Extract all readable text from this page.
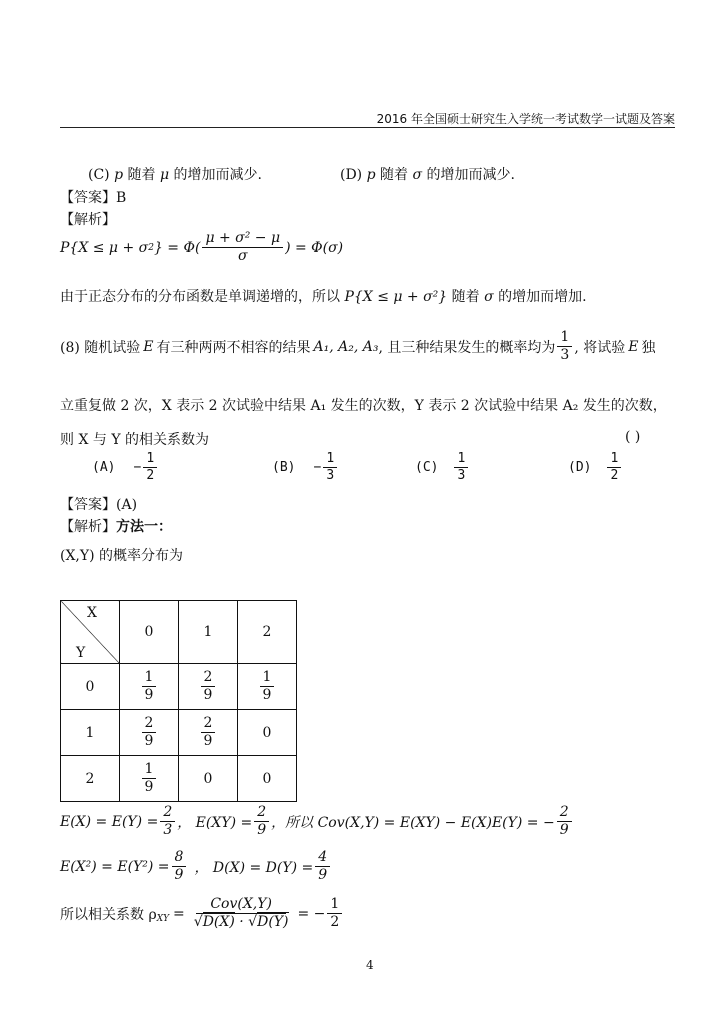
2016 年全国硕士研究生入学统一考试数学一试题及答案
(C) p 随着 μ 的增加而减少.	(D) p 随着 σ 的增加而减少.
【答案】B
【解析】
P{X ≤ μ + σ 2 } = $\Phi( \frac{\text{μ + σ² − μ}}{\sigma}$ ) = Φ(σ)
由于正态分布的分布函数是单调递增的，所以 P{X ≤ μ + σ²} 随着 σ 的增加而增加.
(8) 随机试验 E 有三种两两不相容的结果 A₁, A₂, A₃ , 且三种结果发生的概率均为 $\frac{1}{3}$ , 将试验 E 独
立重复做 2 次，X 表示 2 次试验中结果 A₁ 发生的次数，Y 表示 2 次试验中结果 A₂ 发生的次数，
则 X 与 Y 的相关系数为	( )
$(A) - \frac{1}{2}$	$(B) - \frac{1}{3}$	$(C) \frac{1}{3}$	$(D) \frac{1}{2}$
【答案】(A)
【解析】方法一：
(X,Y) 的概率分布为
X
Y	0	1	2
0	$\frac{1}{9}$	$\frac{2}{9}$	$\frac{1}{9}$

1	$\frac{2}{9}$	$\frac{2}{9}$	0
2	$\frac{1}{9}$	0	0
$E(X) = E(Y) = \frac{2}{3}$ ， $E(XY) = \frac{2}{9}$ ，所以 Cov(X,Y) = E(XY) − E(X)E(Y) = − $\frac{2}{9}$
$E(X^2) = E(Y^2) = \frac{8}{9}$ ， $D(X) = D(Y) = \frac{4}{9}$
所以相关系数 $\rho_{XY} = \frac{\text{Cov(X,Y)}}{√D(X) \cdot √D(Y)}$ = − $\frac{1}{2}$
4
